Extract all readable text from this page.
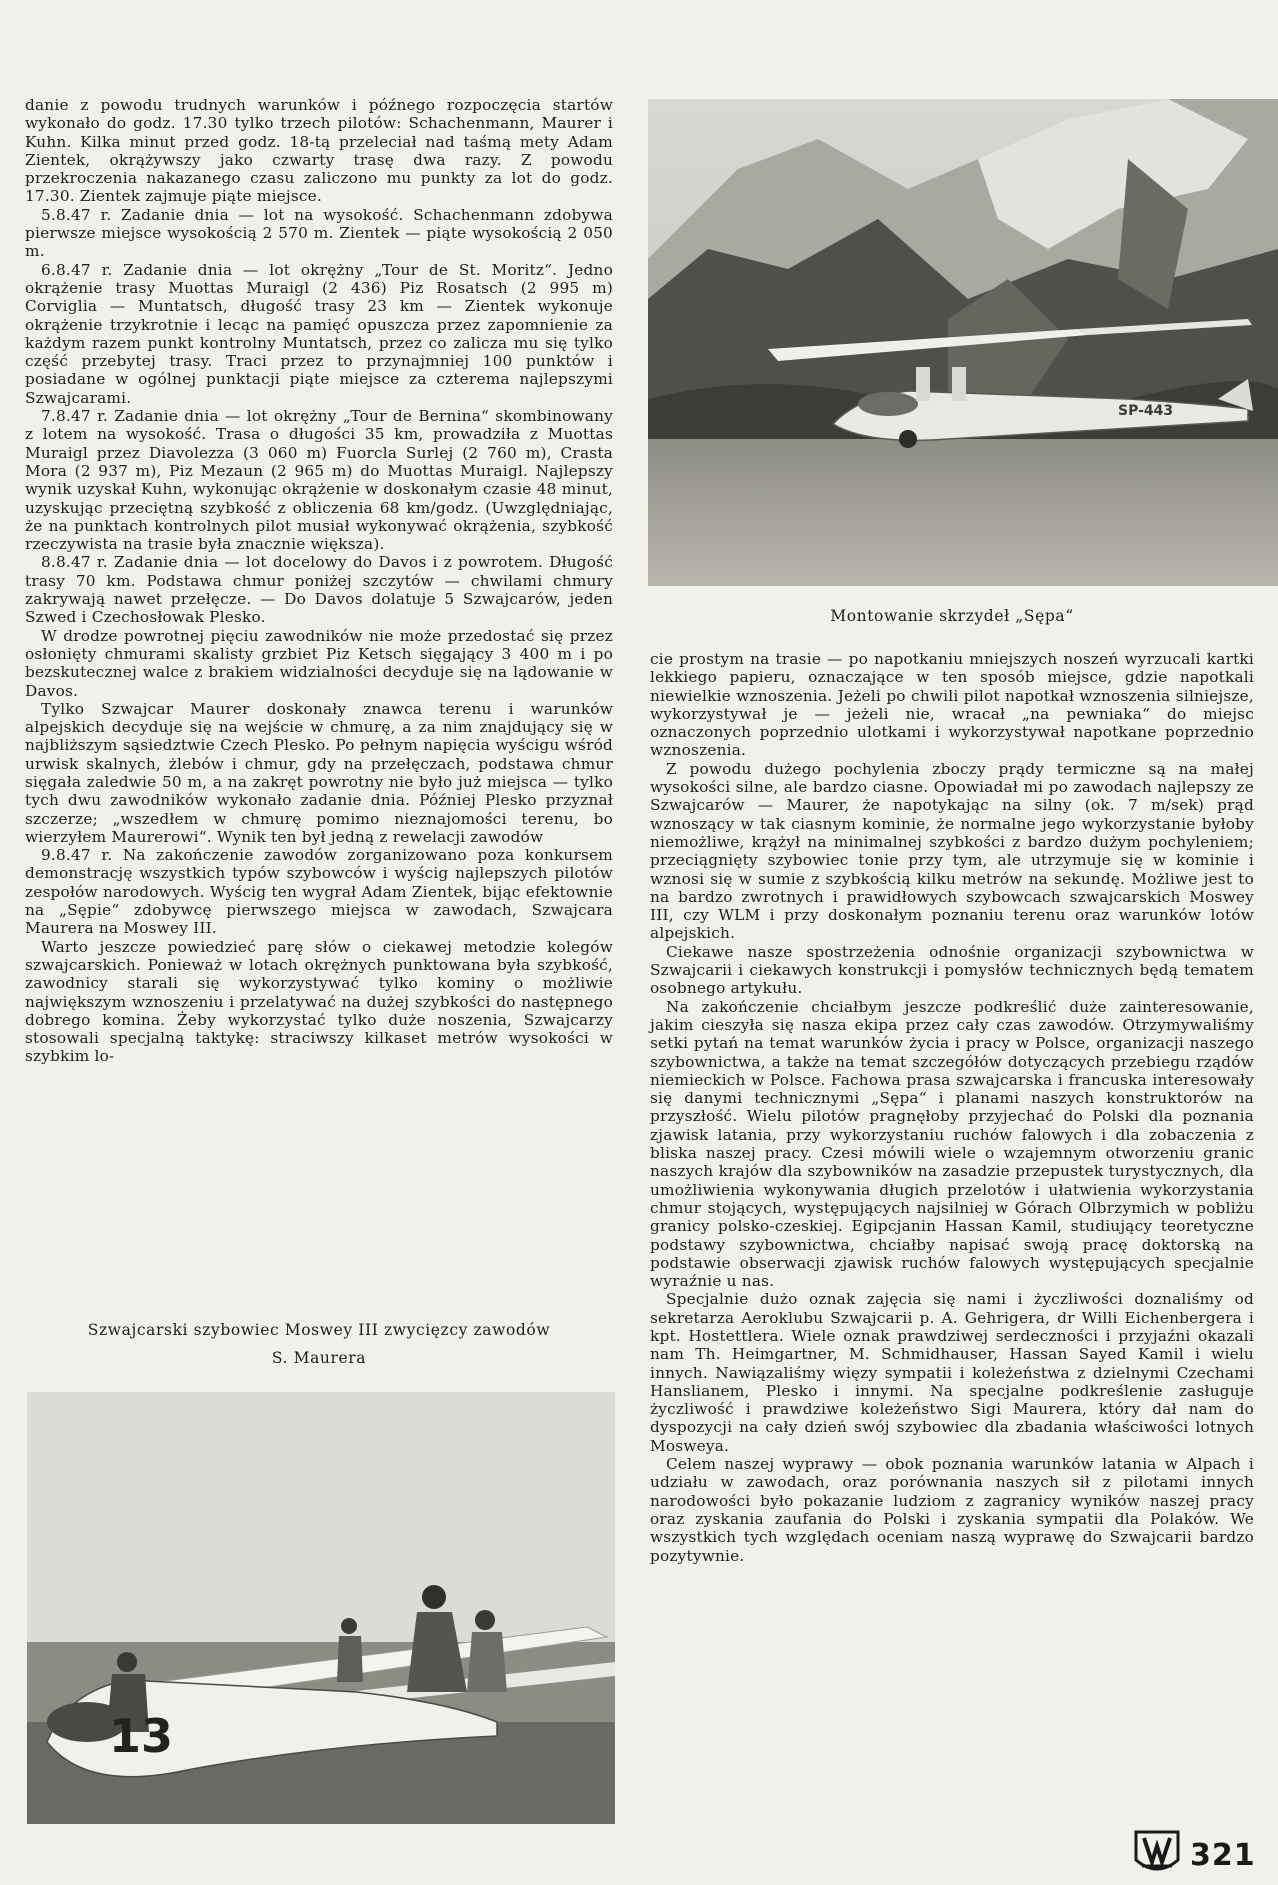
danie z powodu trudnych warunków i późnego rozpoczęcia startów wykonało do godz. 17.30 tylko trzech pilotów: Schachenmann, Maurer i Kuhn. Kilka minut przed godz. 18-tą przeleciał nad taśmą mety Adam Zientek, okrążywszy jako czwarty trasę dwa razy. Z powodu przekroczenia nakazanego czasu zaliczono mu punkty za lot do godz. 17.30. Zientek zajmuje piąte miejsce.

5.8.47 r. Zadanie dnia — lot na wysokość. Schachenmann zdobywa pierwsze miejsce wysokością 2 570 m. Zientek — piąte wysokością 2 050 m.

6.8.47 r. Zadanie dnia — lot okrężny „Tour de St. Moritz“. Jedno okrążenie trasy Muottas Muraigl (2 436) Piz Rosatsch (2 995 m) Corviglia — Muntatsch, długość trasy 23 km — Zientek wykonuje okrążenie trzykrotnie i lecąc na pamięć opuszcza przez zapomnienie za każdym razem punkt kontrolny Muntatsch, przez co zalicza mu się tylko część przebytej trasy. Traci przez to przynajmniej 100 punktów i posiadane w ogólnej punktacji piąte miejsce za czterema najlepszymi Szwajcarami.

7.8.47 r. Zadanie dnia — lot okrężny „Tour de Bernina“ skombinowany z lotem na wysokość. Trasa o długości 35 km, prowadziła z Muottas Muraigl przez Diavolezza (3 060 m) Fuorcla Surlej (2 760 m), Crasta Mora (2 937 m), Piz Mezaun (2 965 m) do Muottas Muraigl. Najlepszy wynik uzyskał Kuhn, wykonując okrążenie w doskonałym czasie 48 minut, uzyskując przeciętną szybkość z obliczenia 68 km/godz. (Uwzględniając, że na punktach kontrolnych pilot musiał wykonywać okrążenia, szybkość rzeczywista na trasie była znacznie większa).

8.8.47 r. Zadanie dnia — lot docelowy do Davos i z powrotem. Długość trasy 70 km. Podstawa chmur poniżej szczytów — chwilami chmury zakrywają nawet przełęcze. — Do Davos dolatuje 5 Szwajcarów, jeden Szwed i Czechosłowak Plesko.

W drodze powrotnej pięciu zawodników nie może przedostać się przez osłonięty chmurami skalisty grzbiet Piz Ketsch sięgający 3 400 m i po bezskutecznej walce z brakiem widzialności decyduje się na lądowanie w Davos.

Tylko Szwajcar Maurer doskonały znawca terenu i warunków alpejskich decyduje się na wejście w chmurę, a za nim znajdujący się w najbliższym sąsiedztwie Czech Plesko. Po pełnym napięcia wyścigu wśród urwisk skalnych, żlebów i chmur, gdy na przełęczach, podstawa chmur sięgała zaledwie 50 m, a na zakręt powrotny nie było już miejsca — tylko tych dwu zawodników wykonało zadanie dnia. Później Plesko przyznał szczerze; „wszedłem w chmurę pomimo nieznajomości terenu, bo wierzyłem Maurerowi“. Wynik ten był jedną z rewelacji zawodów

9.8.47 r. Na zakończenie zawodów zorganizowano poza konkursem demonstrację wszystkich typów szybowców i wyścig najlepszych pilotów zespołów narodowych. Wyścig ten wygrał Adam Zientek, bijąc efektownie na „Sępie“ zdobywcę pierwszego miejsca w zawodach, Szwajcara Maurera na Moswey III.

Warto jeszcze powiedzieć parę słów o ciekawej metodzie kolegów szwajcarskich. Ponieważ w lotach okrężnych punktowana była szybkość, zawodnicy starali się wykorzystywać tylko kominy o możliwie największym wznoszeniu i przelatywać na dużej szybkości do następnego dobrego komina. Żeby wykorzystać tylko duże noszenia, Szwajcarzy stosowali specjalną taktykę: straciwszy kilkaset metrów wysokości w szybkim lo-

Szwajcarski szybowiec Moswey III zwycięzcy zawodów
S. Maurera
SP-443
Montowanie skrzydeł „Sępa“

cie prostym na trasie — po napotkaniu mniejszych noszeń wyrzucali kartki lekkiego papieru, oznaczające w ten sposób miejsce, gdzie napotkali niewielkie wznoszenia. Jeżeli po chwili pilot napotkał wznoszenia silniejsze, wykorzystywał je — jeżeli nie, wracał „na pewniaka“ do miejsc oznaczonych poprzednio ulotkami i wykorzystywał napotkane poprzednio wznoszenia.

Z powodu dużego pochylenia zboczy prądy termiczne są na małej wysokości silne, ale bardzo ciasne. Opowiadał mi po zawodach najlepszy ze Szwajcarów — Maurer, że napotykając na silny (ok. 7 m/sek) prąd wznoszący w tak ciasnym kominie, że normalne jego wykorzystanie byłoby niemożliwe, krążył na minimalnej szybkości z bardzo dużym pochyleniem; przeciągnięty szybowiec tonie przy tym, ale utrzymuje się w kominie i wznosi się w sumie z szybkością kilku metrów na sekundę. Możliwe jest to na bardzo zwrotnych i prawidłowych szybowcach szwajcarskich Moswey III, czy WLM i przy doskonałym poznaniu terenu oraz warunków lotów alpejskich.

Ciekawe nasze spostrzeżenia odnośnie organizacji szybownictwa w Szwajcarii i ciekawych konstrukcji i pomysłów technicznych będą tematem osobnego artykułu.

Na zakończenie chciałbym jeszcze podkreślić duże zainteresowanie, jakim cieszyła się nasza ekipa przez cały czas zawodów. Otrzymywaliśmy setki pytań na temat warunków życia i pracy w Polsce, organizacji naszego szybownictwa, a także na temat szczegółów dotyczących przebiegu rządów niemieckich w Polsce. Fachowa prasa szwajcarska i francuska interesowały się danymi technicznymi „Sępa“ i planami naszych konstruktorów na przyszłość. Wielu pilotów pragnęłoby przyjechać do Polski dla poznania zjawisk latania, przy wykorzystaniu ruchów falowych i dla zobaczenia z bliska naszej pracy. Czesi mówili wiele o wzajemnym otworzeniu granic naszych krajów dla szybowników na zasadzie przepustek turystycznych, dla umożliwienia wykonywania długich przelotów i ułatwienia wykorzystania chmur stojących, występujących najsilniej w Górach Olbrzymich w pobliżu granicy polsko-czeskiej. Egipcjanin Hassan Kamil, studiujący teoretyczne podstawy szybownictwa, chciałby napisać swoją pracę doktorską na podstawie obserwacji zjawisk ruchów falowych występujących specjalnie wyraźnie u nas.

Specjalnie dużo oznak zajęcia się nami i życzliwości doznaliśmy od sekretarza Aeroklubu Szwajcarii p. A. Gehrigera, dr Willi Eichenbergera i kpt. Hostettlera. Wiele oznak prawdziwej serdeczności i przyjaźni okazali nam Th. Heimgartner, M. Schmidhauser, Hassan Sayed Kamil i wielu innych. Nawiązaliśmy więzy sympatii i koleżeństwa z dzielnymi Czechami Hanslianem, Plesko i innymi. Na specjalne podkreślenie zasługuje życzliwość i prawdziwe koleżeństwo Sigi Maurera, który dał nam do dyspozycji na cały dzień swój szybowiec dla zbadania właściwości lotnych Mosweya.

Celem naszej wyprawy — obok poznania warunków latania w Alpach i udziału w zawodach, oraz porównania naszych sił z pilotami innych narodowości było pokazanie ludziom z zagranicy wyników naszej pracy oraz zyskania zaufania do Polski i zyskania sympatii dla Polaków. We wszystkich tych względach oceniam naszą wyprawę do Szwajcarii bardzo pozytywnie.

13
321
